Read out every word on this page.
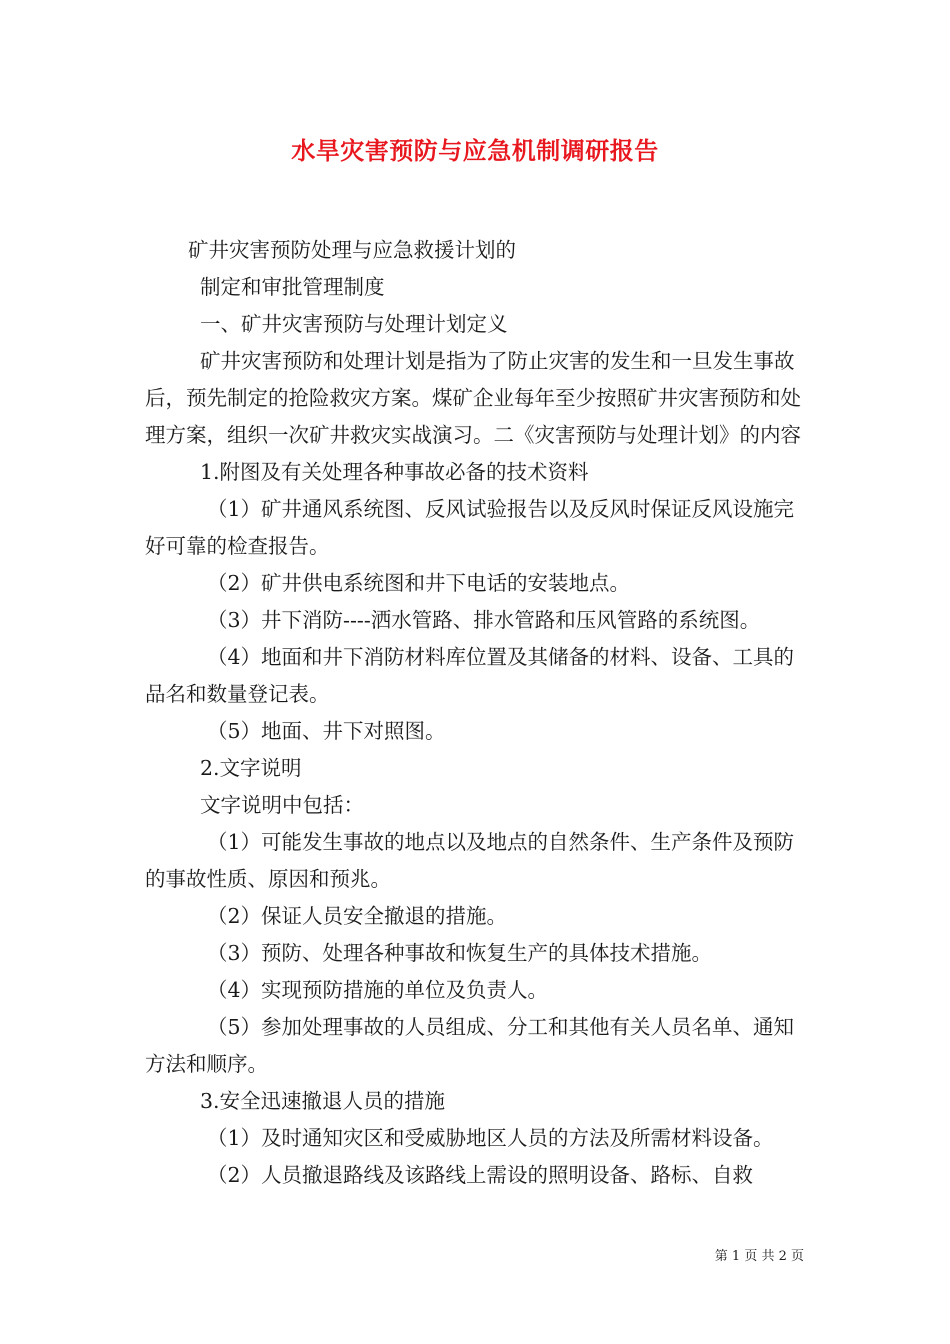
水旱灾害预防与应急机制调研报告

矿井灾害预防处理与应急救援计划的

制定和审批管理制度

一、矿井灾害预防与处理计划定义

矿井灾害预防和处理计划是指为了防止灾害的发生和一旦发生事故后，预先制定的抢险救灾方案。煤矿企业每年至少按照矿井灾害预防和处理方案，组织一次矿井救灾实战演习。二《灾害预防与处理计划》的内容

1.附图及有关处理各种事故必备的技术资料

（1）矿井通风系统图、反风试验报告以及反风时保证反风设施完好可靠的检查报告。

（2）矿井供电系统图和井下电话的安装地点。

（3）井下消防----洒水管路、排水管路和压风管路的系统图。

（4）地面和井下消防材料库位置及其储备的材料、设备、工具的品名和数量登记表。

（5）地面、井下对照图。

2.文字说明

文字说明中包括：

（1）可能发生事故的地点以及地点的自然条件、生产条件及预防的事故性质、原因和预兆。

（2）保证人员安全撤退的措施。

（3）预防、处理各种事故和恢复生产的具体技术措施。

（4）实现预防措施的单位及负责人。

（5）参加处理事故的人员组成、分工和其他有关人员名单、通知方法和顺序。

3.安全迅速撤退人员的措施

（1）及时通知灾区和受威胁地区人员的方法及所需材料设备。

（2）人员撤退路线及该路线上需设的照明设备、路标、自救

第 1 页 共 2 页
